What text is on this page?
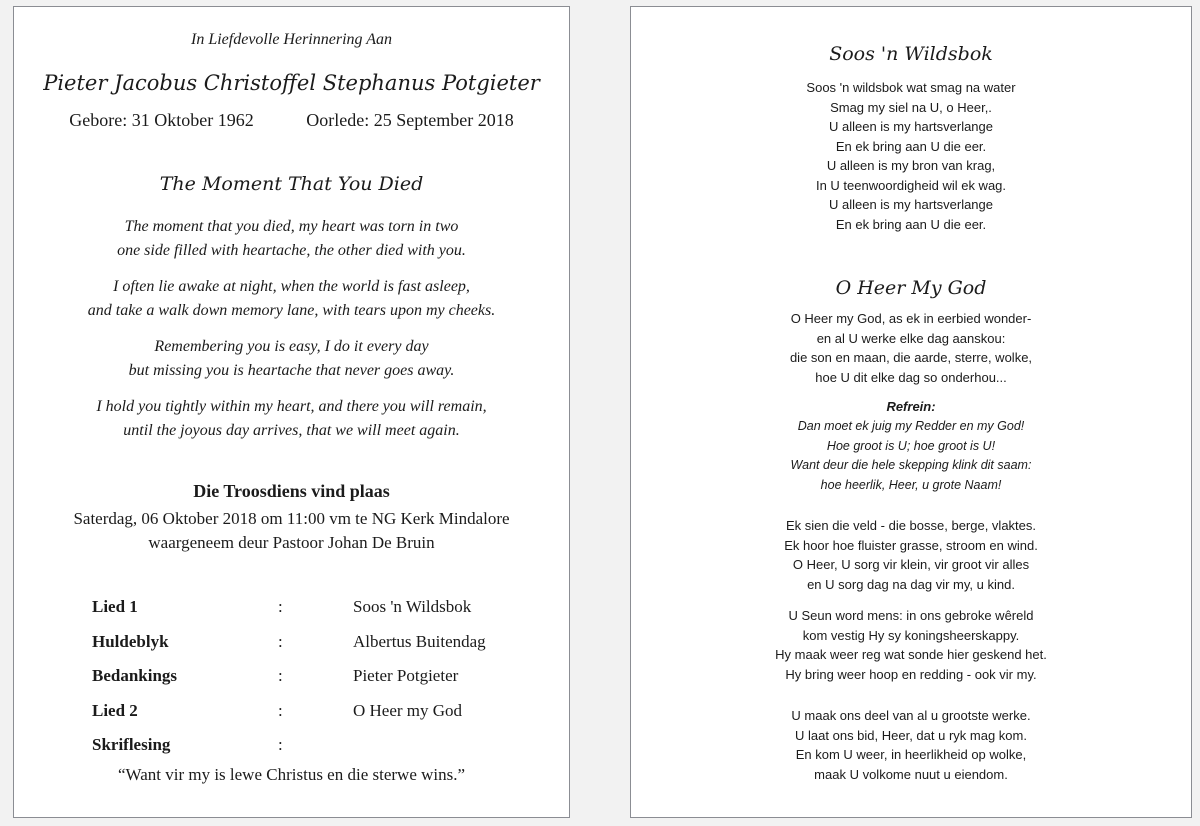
In Liefdevolle Herinnering Aan
Pieter Jacobus Christoffel Stephanus Potgieter
Gebore: 31 Oktober 1962	Oorlede: 25 September 2018
The Moment That You Died
The moment that you died, my heart was torn in two
one side filled with heartache, the other died with you.
I often lie awake at night, when the world is fast asleep,
and take a walk down memory lane, with tears upon my cheeks.
Remembering you is easy, I do it every day
but missing you is heartache that never goes away.
I hold you tightly within my heart, and there you will remain,
until the joyous day arrives, that we will meet again.
Die Troosdiens vind plaas
Saterdag, 06 Oktober 2018 om 11:00 vm te NG Kerk Mindalore
waargeneem deur Pastoor Johan De Bruin
Lied 1	:	Soos 'n Wildsbok
Huldeblyk	:	Albertus Buitendag
Bedankings	:	Pieter Potgieter
Lied 2	:	O Heer my God
Skriflesing	:	
“Want vir my is lewe Christus en die sterwe wins.”
Soos 'n Wildsbok
Soos 'n wildsbok wat smag na water
Smag my siel na U, o Heer,.
U alleen is my hartsverlange
En ek bring aan U die eer.
U alleen is my bron van krag,
In U teenwoordigheid wil ek wag.
U alleen is my hartsverlange
En ek bring aan U die eer.
O Heer My God
O Heer my God, as ek in eerbied wonder-
en al U werke elke dag aanskou:
die son en maan, die aarde, sterre, wolke,
hoe U dit elke dag so onderhou...
Refrein:
Dan moet ek juig my Redder en my God!
Hoe groot is U; hoe groot is U!
Want deur die hele skepping klink dit saam:
hoe heerlik, Heer, u grote Naam!
Ek sien die veld - die bosse, berge, vlaktes.
Ek hoor hoe fluister grasse, stroom en wind.
O Heer, U sorg vir klein, vir groot vir alles
en U sorg dag na dag vir my, u kind.
U Seun word mens: in ons gebroke wêreld
kom vestig Hy sy koningsheerskappy.
Hy maak weer reg wat sonde hier geskend het.
Hy bring weer hoop en redding - ook vir my.
U maak ons deel van al u grootste werke.
U laat ons bid, Heer, dat u ryk mag kom.
En kom U weer, in heerlikheid op wolke,
maak U volkome nuut u eiendom.
